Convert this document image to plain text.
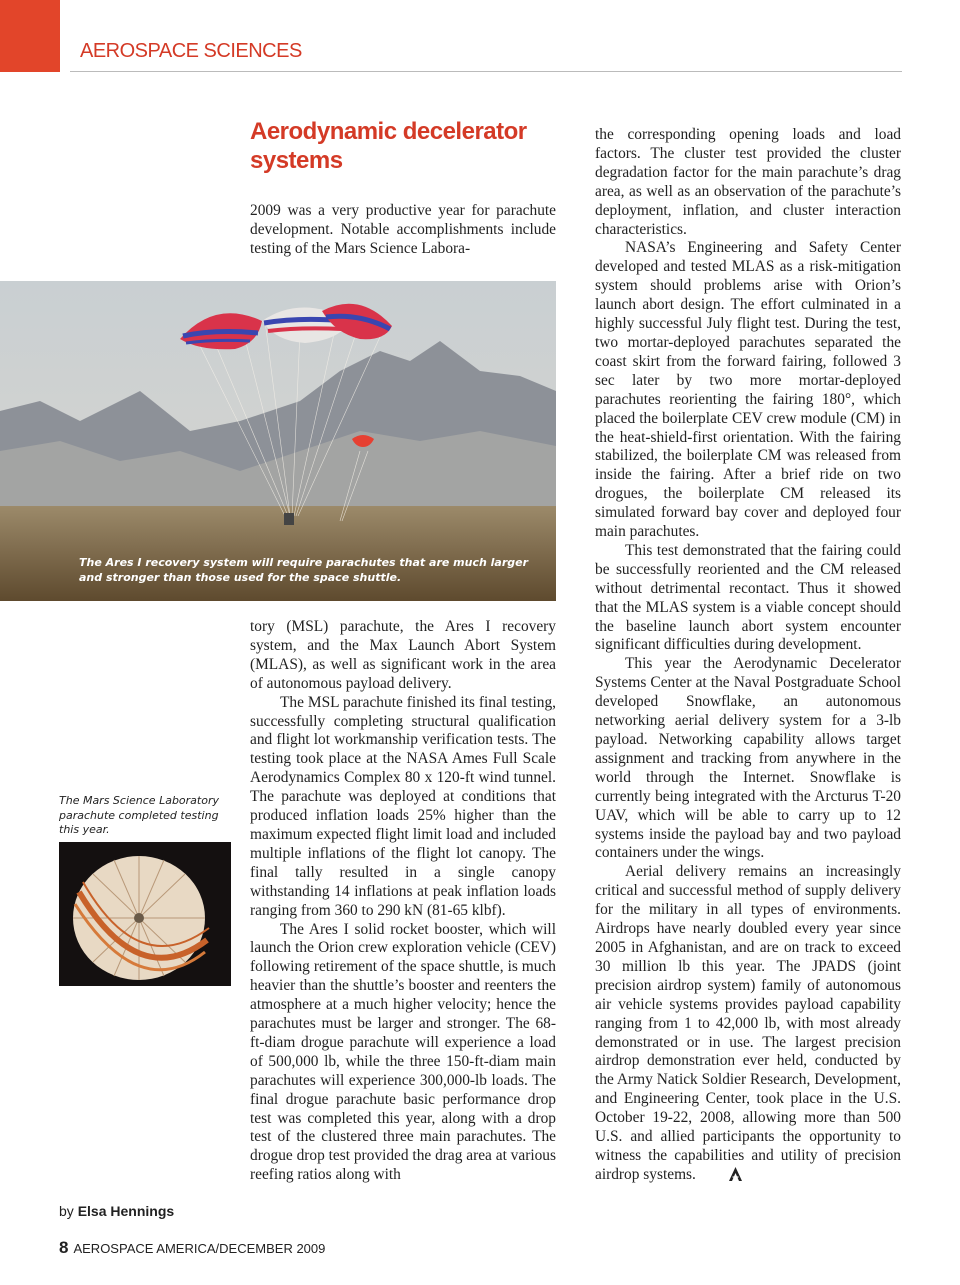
AEROSPACE SCIENCES
Aerodynamic decelerator systems

2009 was a very productive year for parachute development. Notable accomplishments include testing of the Mars Science Labora-

The Ares I recovery system will require parachutes that are much larger and stronger than those used for the space shuttle.

tory (MSL) parachute, the Ares I recovery system, and the Max Launch Abort System (MLAS), as well as significant work in the area of autonomous payload delivery.

The MSL parachute finished its final testing, successfully completing structural qualification and flight lot workmanship verification tests. The testing took place at the NASA Ames Full Scale Aerodynamics Complex 80 x 120-ft wind tunnel. The parachute was deployed at conditions that produced inflation loads 25% higher than the maximum expected flight limit load and included multiple inflations of the flight lot canopy. The final tally resulted in a single canopy withstanding 14 inflations at peak inflation loads ranging from 360 to 290 kN (81-65 klbf).

The Ares I solid rocket booster, which will launch the Orion crew exploration vehicle (CEV) following retirement of the space shuttle, is much heavier than the shuttle’s booster and reenters the atmosphere at a much higher velocity; hence the parachutes must be larger and stronger. The 68-ft-diam drogue parachute will experience a load of 500,000 lb, while the three 150-ft-diam main parachutes will experience 300,000-lb loads. The final drogue parachute basic performance drop test was completed this year, along with a drop test of the clustered three main parachutes. The drogue drop test provided the drag area at various reefing ratios along with

The Mars Science Laboratory parachute completed testing this year.

the corresponding opening loads and load factors. The cluster test provided the cluster degradation factor for the main parachute’s drag area, as well as an observation of the parachute’s deployment, inflation, and cluster interaction characteristics.

NASA’s Engineering and Safety Center developed and tested MLAS as a risk-mitigation system should problems arise with Orion’s launch abort design. The effort culminated in a highly successful July flight test. During the test, two mortar-deployed parachutes separated the coast skirt from the forward fairing, followed 3 sec later by two more mortar-deployed parachutes reorienting the fairing 180°, which placed the boilerplate CEV crew module (CM) in the heat-shield-first orientation. With the fairing stabilized, the boilerplate CM was released from inside the fairing. After a brief ride on two drogues, the boilerplate CM released its simulated forward bay cover and deployed four main parachutes.

This test demonstrated that the fairing could be successfully reoriented and the CM released without detrimental recontact. Thus it showed that the MLAS system is a viable concept should the baseline launch abort system encounter significant difficulties during development.

This year the Aerodynamic Decelerator Systems Center at the Naval Postgraduate School developed Snowflake, an autonomous networking aerial delivery system for a 3-lb payload. Networking capability allows target assignment and tracking from anywhere in the world through the Internet. Snowflake is currently being integrated with the Arcturus T-20 UAV, which will be able to carry up to 12 systems inside the payload bay and two payload containers under the wings.

Aerial delivery remains an increasingly critical and successful method of supply delivery for the military in all types of environments. Airdrops have nearly doubled every year since 2005 in Afghanistan, and are on track to exceed 30 million lb this year. The JPADS (joint precision airdrop system) family of autonomous air vehicle systems provides payload capability ranging from 1 to 42,000 lb, with most already demonstrated or in use. The largest precision airdrop demonstration ever held, conducted by the Army Natick Soldier Research, Development, and Engineering Center, took place in the U.S. October 19-22, 2008, allowing more than 500 U.S. and allied participants the opportunity to witness the capabilities and utility of precision airdrop systems.

by Elsa Hennings
8 AEROSPACE AMERICA/DECEMBER 2009
